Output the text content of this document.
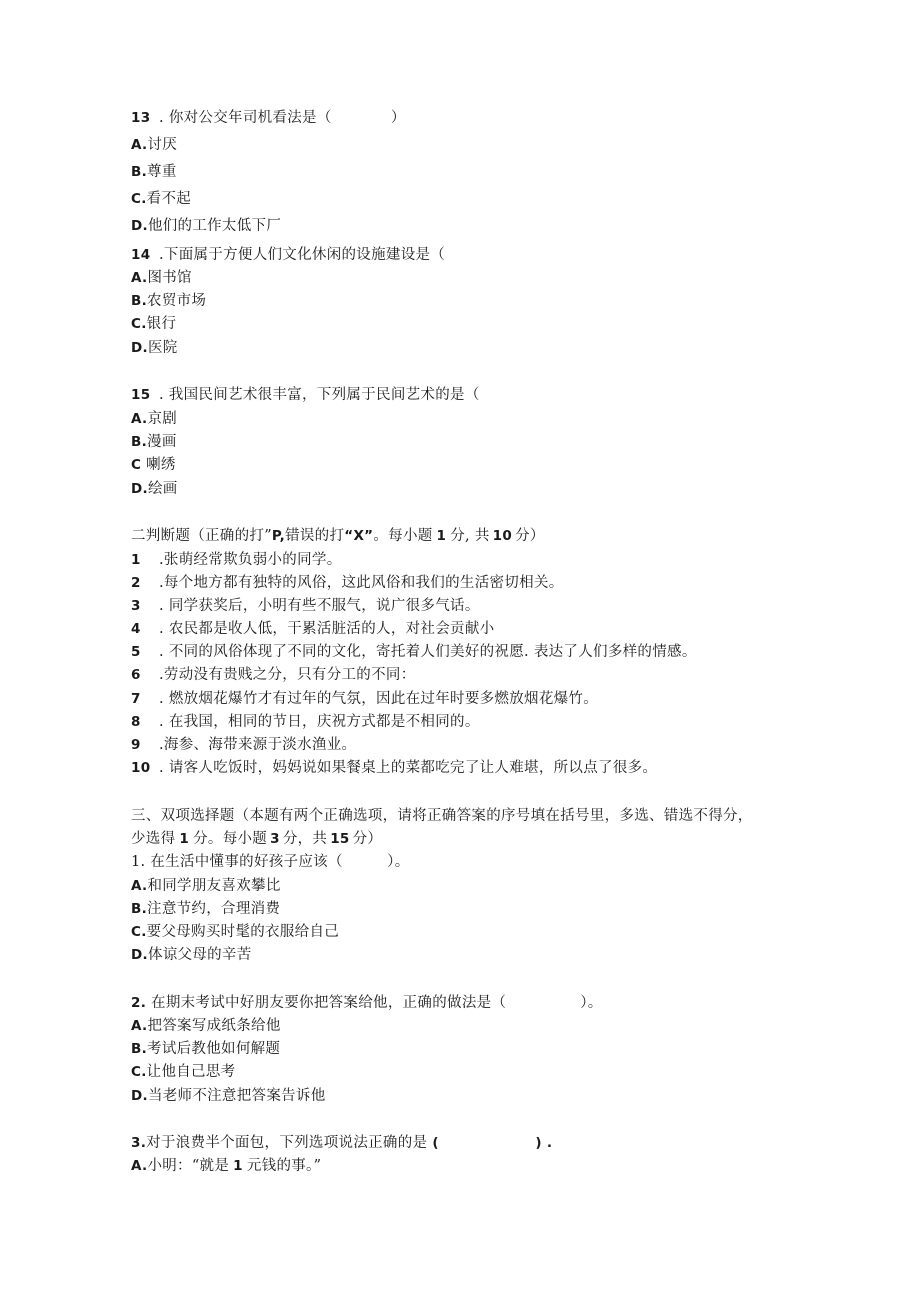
13 . 你对公交年司机看法是（　　　　）
A.讨厌
B.尊重
C.看不起
D.他们的工作太低下厂
14 .下面属于方便人们文化休闲的设施建设是（
A.图书馆
B.农贸市场
C.银行
D.医院
15 . 我国民间艺术很丰富，下列属于民间艺术的是（
A.京剧
B.漫画
C 喇绣
D.绘画
二判断题（正确的打”P,错误的打“X”。每小题 1 分, 共 10 分）
1 .张萌经常欺负弱小的同学。
2 .每个地方都有独特的风俗，这此风俗和我们的生活密切相关。
3 . 同学获奖后，小明有些不服气，说广很多气话。
4 . 农民都是收人低，干累活脏活的人，对社会贡献小
5 . 不同的风俗体现了不同的文化，寄托着人们美好的祝愿. 表达了人们多样的情感。
6 .劳动没有贵贱之分，只有分工的不同：
7 . 燃放烟花爆竹才有过年的气氛，因此在过年时要多燃放烟花爆竹。
8 . 在我国，相同的节日，庆祝方式都是不相同的。
9 .海参、海带来源于淡水渔业。
10 . 请客人吃饭时，妈妈说如果餐桌上的菜都吃完了让人难堪，所以点了很多。
三、双项选择题（本题有两个正确选项，请将正确答案的序号填在括号里，多选、错选不得分，
少选得 1 分。每小题 3 分，共 15 分）
1. 在生活中懂事的好孩子应该（　　　）。
A.和同学朋友喜欢攀比
B.注意节约，合理消费
C.要父母购买时髦的衣服给自己
D.体谅父母的辛苦
2. 在期末考试中好朋友要你把答案给他，正确的做法是（　　　　　）。
A.把答案写成纸条给他
B.考试后教他如何解题
C.让他自己思考
D.当老师不注意把答案告诉他
3.对于浪费半个面包，下列选项说法正确的是 (　　　　　　　) .
A.小明：“就是 1 元钱的事。”
